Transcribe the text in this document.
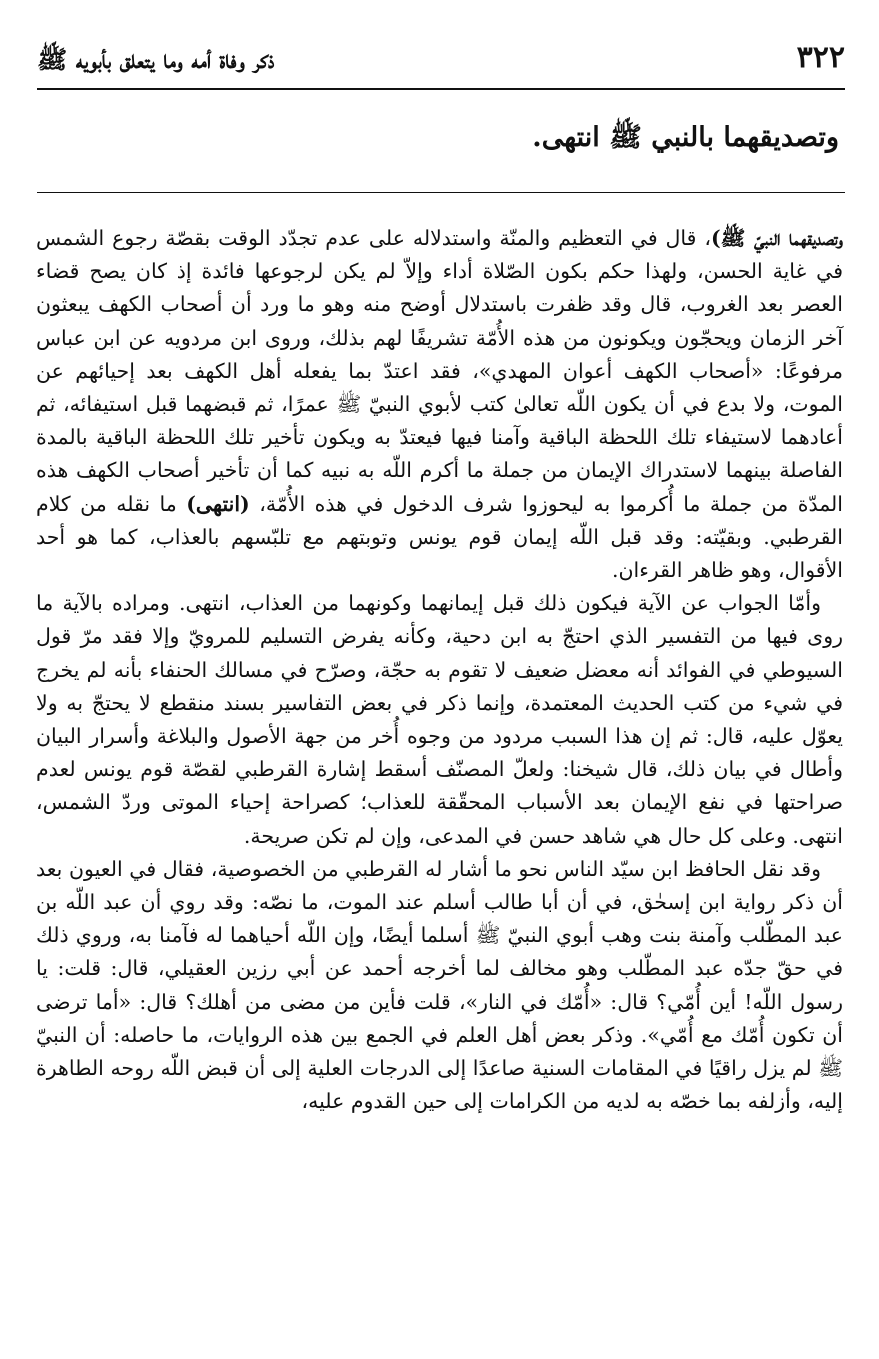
٣٢٢
ذكر وفاة أمه وما يتعلق بأبويه ﷺ
وتصديقهما بالنبي ﷺ انتهى.

وتصديقهما النبيّ ﷺ)، قال في التعظيم والمنّة واستدلاله على عدم تجدّد الوقت بقصّة رجوع الشمس في غاية الحسن، ولهذا حكم بكون الصّلاة أداء وإلاّ لم يكن لرجوعها فائدة إذ كان يصح قضاء العصر بعد الغروب، قال وقد ظفرت باستدلال أوضح منه وهو ما ورد أن أصحاب الكهف يبعثون آخر الزمان ويحجّون ويكونون من هذه الأُمّة تشريفًا لهم بذلك، وروى ابن مردويه عن ابن عباس مرفوعًا: «أصحاب الكهف أعوان المهدي»، فقد اعتدّ بما يفعله أهل الكهف بعد إحيائهم عن الموت، ولا بدع في أن يكون اللّه تعالىٰ كتب لأبوي النبيّ ﷺ عمرًا، ثم قبضهما قبل استيفائه، ثم أعادهما لاستيفاء تلك اللحظة الباقية وآمنا فيها فيعتدّ به ويكون تأخير تلك اللحظة الباقية بالمدة الفاصلة بينهما لاستدراك الإيمان من جملة ما أكرم اللّه به نبيه كما أن تأخير أصحاب الكهف هذه المدّة من جملة ما أُكرموا به ليحوزوا شرف الدخول في هذه الأُمّة، (انتهى) ما نقله من كلام القرطبي. وبقيّته: وقد قبل اللّه إيمان قوم يونس وتوبتهم مع تلبّسهم بالعذاب، كما هو أحد الأقوال، وهو ظاهر القرءان.

وأمّا الجواب عن الآية فيكون ذلك قبل إيمانهما وكونهما من العذاب، انتهى. ومراده بالآية ما روى فيها من التفسير الذي احتجّ به ابن دحية، وكأنه يفرض التسليم للمرويّ وإلا فقد مرّ قول السيوطي في الفوائد أنه معضل ضعيف لا تقوم به حجّة، وصرّح في مسالك الحنفاء بأنه لم يخرج في شيء من كتب الحديث المعتمدة، وإنما ذكر في بعض التفاسير بسند منقطع لا يحتجّ به ولا يعوّل عليه، قال: ثم إن هذا السبب مردود من وجوه أُخر من جهة الأصول والبلاغة وأسرار البيان وأطال في بيان ذلك، قال شيخنا: ولعلّ المصنّف أسقط إشارة القرطبي لقصّة قوم يونس لعدم صراحتها في نفع الإيمان بعد الأسباب المحقّقة للعذاب؛ كصراحة إحياء الموتى وردّ الشمس، انتهى. وعلى كل حال هي شاهد حسن في المدعى، وإن لم تكن صريحة.

وقد نقل الحافظ ابن سيّد الناس نحو ما أشار له القرطبي من الخصوصية، فقال في العيون بعد أن ذكر رواية ابن إسحٰق، في أن أبا طالب أسلم عند الموت، ما نصّه: وقد روي أن عبد اللّه بن عبد المطّلب وآمنة بنت وهب أبوي النبيّ ﷺ أسلما أيضًا، وإن اللّه أحياهما له فآمنا به، وروي ذلك في حقّ جدّه عبد المطّلب وهو مخالف لما أخرجه أحمد عن أبي رزين العقيلي، قال: قلت: يا رسول اللّه! أين أُمّي؟ قال: «أُمّك في النار»، قلت فأين من مضى من أهلك؟ قال: «أما ترضى أن تكون أُمّك مع أُمّي». وذكر بعض أهل العلم في الجمع بين هذه الروايات، ما حاصله: أن النبيّ ﷺ لم يزل راقيًا في المقامات السنية صاعدًا إلى الدرجات العلية إلى أن قبض اللّه روحه الطاهرة إليه، وأزلفه بما خصّه به لديه من الكرامات إلى حين القدوم عليه،
